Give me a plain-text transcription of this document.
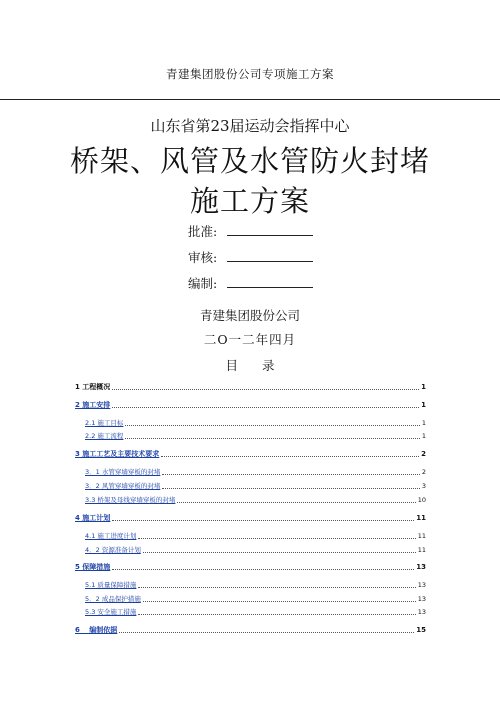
青建集团股份公司专项施工方案
山东省第23届运动会指挥中心
桥架、风管及水管防火封堵
施工方案
批准:
审核:
编制:
青建集团股份公司
二O一二年四月
目 录
1 工程概况	1
2 施工安排	1
2.1 施工目标	1
2.2 施工流程	1
3 施工工艺及主要技术要求	2
3．1 水管穿墙穿板的封堵	2
3．2 风管穿墙穿板的封堵	3
3.3 桥架及母线穿墙穿板的封堵	10
4 施工计划	11
4.1 施工进度计划	11
4．2 资源准备计划	11
5 保障措施	13
5.1 质量保障措施	13
5．2 成品保护措施	13
5.3 安全施工措施	13
6　 编制依据	15
